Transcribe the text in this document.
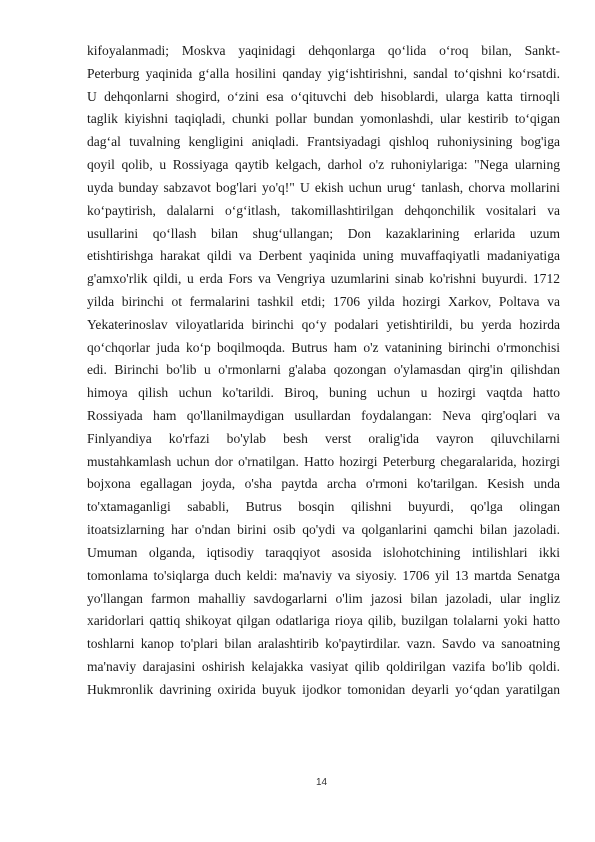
kifoyalanmadi; Moskva yaqinidagi dehqonlarga qo‘lida o‘roq bilan, Sankt-
Peterburg yaqinida g‘alla hosilini qanday yig‘ishtirishni, sandal to‘qishni ko‘rsatdi.
U dehqonlarni shogird, o‘zini esa o‘qituvchi deb hisoblardi, ularga katta tirnoqli
taglik kiyishni taqiqladi, chunki pollar bundan yomonlashdi, ular kestirib to‘qigan
dag‘al tuvalning kengligini aniqladi. Frantsiyadagi qishloq ruhoniysining bog'iga
qoyil qolib, u Rossiyaga qaytib kelgach, darhol o'z ruhoniylariga: "Nega ularning
uyda bunday sabzavot bog'lari yo'q!" U ekish uchun urug‘ tanlash, chorva mollarini
ko‘paytirish, dalalarni o‘g‘itlash, takomillashtirilgan dehqonchilik vositalari va
usullarini qo‘llash bilan shug‘ullangan; Don kazaklarining erlarida uzum
etishtirishga harakat qildi va Derbent yaqinida uning muvaffaqiyatli madaniyatiga
g'amxo'rlik qildi, u erda Fors va Vengriya uzumlarini sinab ko'rishni buyurdi. 1712
yilda birinchi ot fermalarini tashkil etdi; 1706 yilda hozirgi Xarkov, Poltava va
Yekaterinoslav viloyatlarida birinchi qo‘y podalari yetishtirildi, bu yerda hozirda
qo‘chqorlar juda ko‘p boqilmoqda. Butrus ham o'z vatanining birinchi o'rmonchisi
edi. Birinchi bo'lib u o'rmonlarni g'alaba qozongan o'ylamasdan qirg'in qilishdan
himoya qilish uchun ko'tarildi. Biroq, buning uchun u hozirgi vaqtda hatto
Rossiyada ham qo'llanilmaydigan usullardan foydalangan: Neva qirg'oqlari va
Finlyandiya ko'rfazi bo'ylab besh verst oralig'ida vayron qiluvchilarni
mustahkamlash uchun dor o'rnatilgan. Hatto hozirgi Peterburg chegaralarida, hozirgi
bojxona egallagan joyda, o'sha paytda archa o'rmoni ko'tarilgan. Kesish unda
to'xtamaganligi sababli, Butrus bosqin qilishni buyurdi, qo'lga olingan
itoatsizlarning har o'ndan birini osib qo'ydi va qolganlarini qamchi bilan jazoladi.
Umuman olganda, iqtisodiy taraqqiyot asosida islohotchining intilishlari ikki
tomonlama to'siqlarga duch keldi: ma'naviy va siyosiy. 1706 yil 13 martda Senatga
yo'llangan farmon mahalliy savdogarlarni o'lim jazosi bilan jazoladi, ular ingliz
xaridorlari qattiq shikoyat qilgan odatlariga rioya qilib, buzilgan tolalarni yoki hatto
toshlarni kanop to'plari bilan aralashtirib ko'paytirdilar. vazn. Savdo va sanoatning
ma'naviy darajasini oshirish kelajakka vasiyat qilib qoldirilgan vazifa bo'lib qoldi.
Hukmronlik davrining oxirida buyuk ijodkor tomonidan deyarli yo‘qdan yaratilgan
14
